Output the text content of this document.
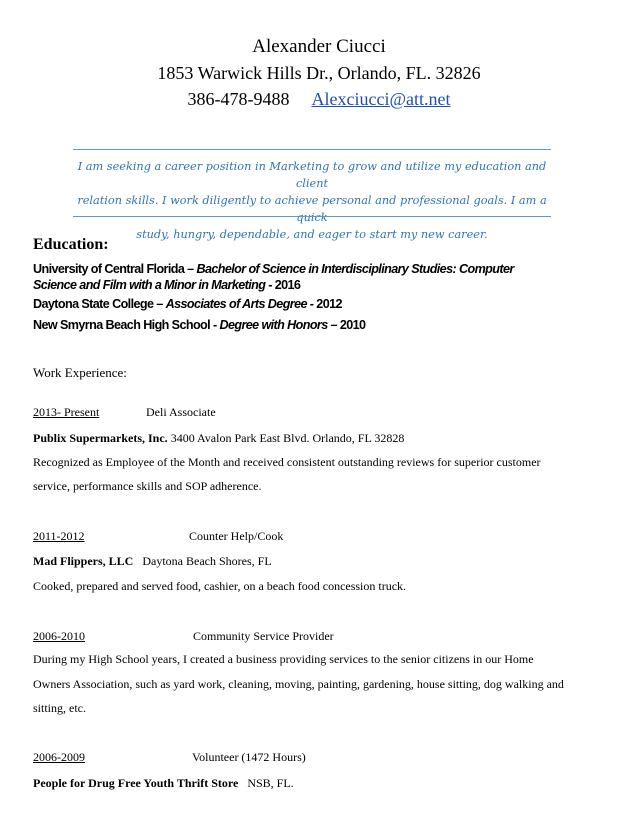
Alexander Ciucci
1853 Warwick Hills Dr., Orlando, FL. 32826
386-478-9488 Alexciucci@att.net
I am seeking a career position in Marketing to grow and utilize my education and client
relation skills. I work diligently to achieve personal and professional goals. I am a quick
study, hungry, dependable, and eager to start my new career.
Education:
University of Central Florida – Bachelor of Science in Interdisciplinary Studies: Computer
Science and Film with a Minor in Marketing - 2016
Daytona State College – Associates of Arts Degree - 2012
New Smyrna Beach High School - Degree with Honors – 2010
Work Experience:
2013- Present	Deli Associate
Publix Supermarkets, Inc. 3400 Avalon Park East Blvd. Orlando, FL 32828
Recognized as Employee of the Month and received consistent outstanding reviews for superior customer
service, performance skills and SOP adherence.
2011-2012	Counter Help/Cook
Mad Flippers, LLC Daytona Beach Shores, FL
Cooked, prepared and served food, cashier, on a beach food concession truck.
2006-2010	Community Service Provider
During my High School years, I created a business providing services to the senior citizens in our Home
Owners Association, such as yard work, cleaning, moving, painting, gardening, house sitting, dog walking and
sitting, etc.
2006-2009	Volunteer (1472 Hours)
People for Drug Free Youth Thrift Store NSB, FL.
